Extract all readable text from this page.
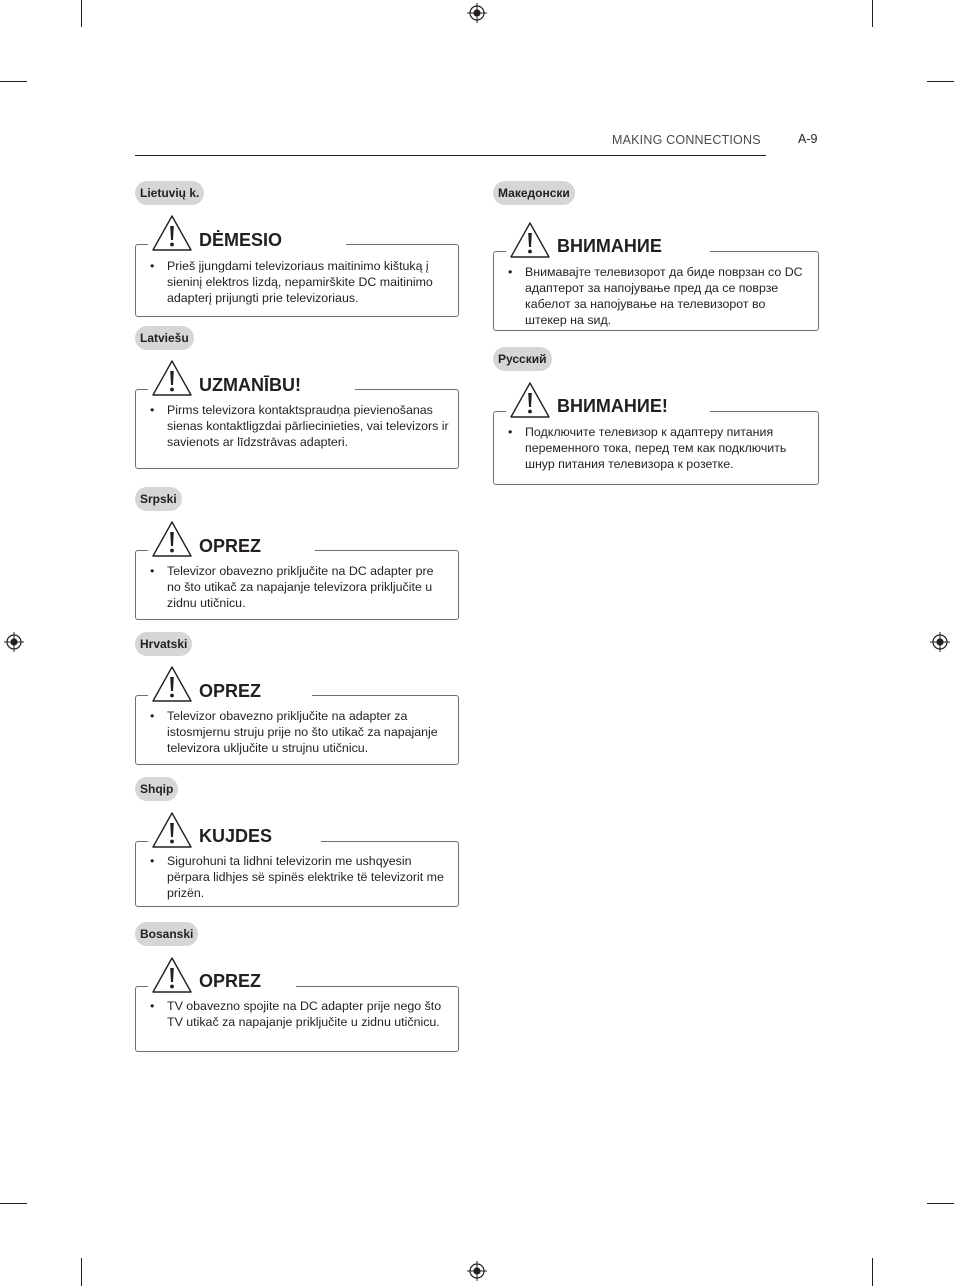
MAKING CONNECTIONS	A-9
Lietuvių k.
• Prieš įjungdami televizoriaus maitinimo kištuką į sieninį elektros lizdą, nepamirškite DC maitinimo adapterį prijungti prie televizoriaus.
DĖMESIO
Latviešu
• Pirms televizora kontaktspraudņa pievienošanas sienas kontaktligzdai pārliecinieties, vai televizors ir savienots ar līdzstrāvas adapteri.
UZMANĪBU!
Srpski
• Televizor obavezno priključite na DC adapter pre no što utikač za napajanje televizora priključite u zidnu utičnicu.
OPREZ
Hrvatski
• Televizor obavezno priključite na adapter za istosmjernu struju prije no što utikač za napajanje televizora uključite u strujnu utičnicu.
OPREZ
Shqip
• Sigurohuni ta lidhni televizorin me ushqyesin përpara lidhjes së spinës elektrike të televizorit me prizën.
KUJDES
Bosanski
• TV obavezno spojite na DC adapter prije nego što TV utikač za napajanje priključite u zidnu utičnicu.
OPREZ
Македонски
• Внимавајте телевизорот да биде поврзан со DC адаптерот за напојување пред да се поврзе кабелот за напојување на телевизорот во штекер на ѕид.
ВНИМАНИЕ
Русский
• Подключите телевизор к адаптеру питания переменного тока, перед тем как подключить шнур питания телевизора к розетке.
ВНИМАНИЕ!
